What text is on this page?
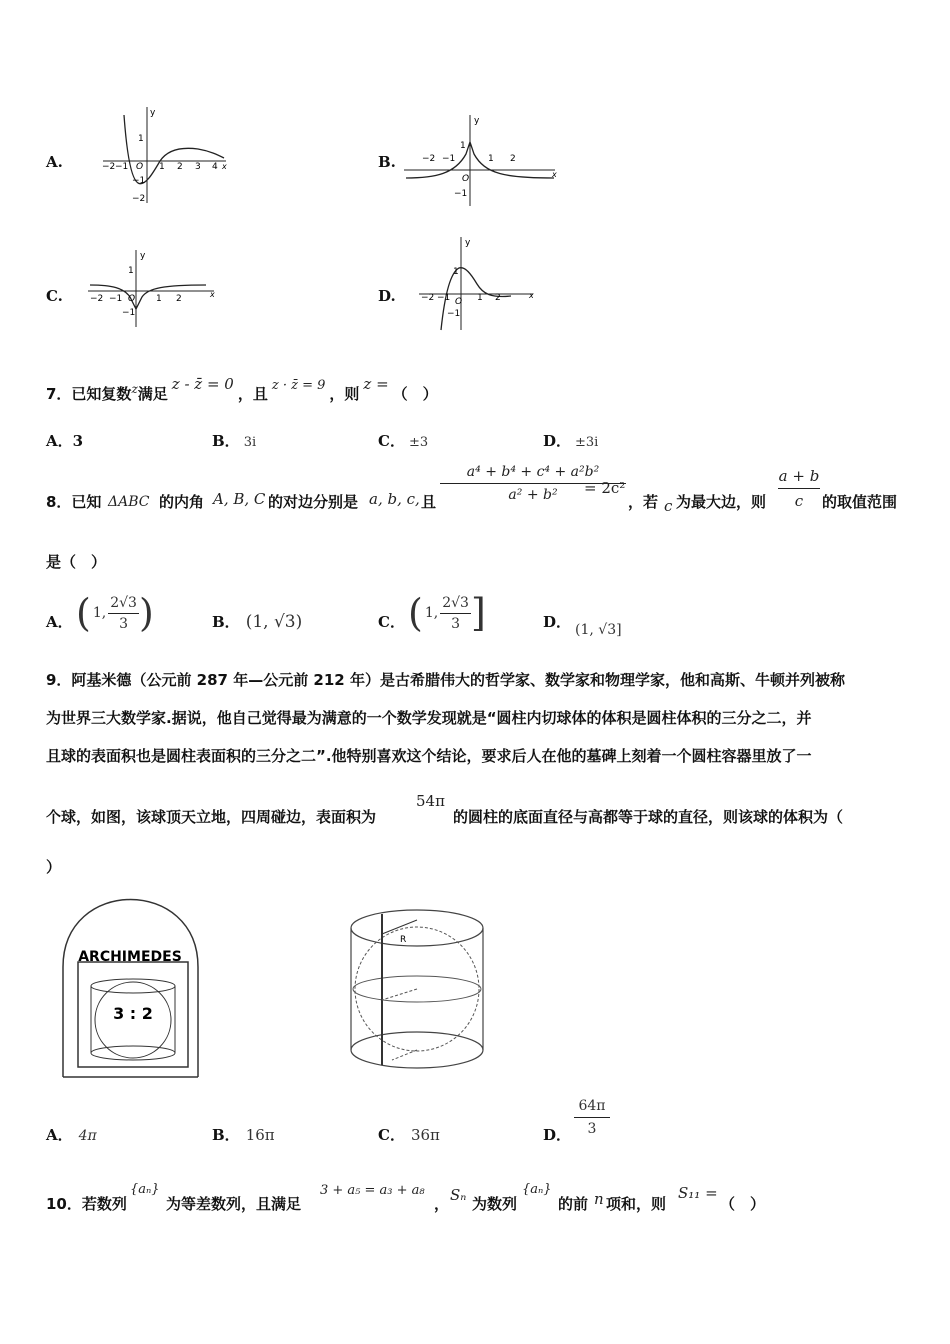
A.
y
1
−1
−2
−2 −1 O 1 2 3 4 x	B.
y
1
−1
−2 −1
O
1 2
x
C.
y
1
−1
−2 −1 O 1 2	x	D.
y
1
−1
−2 −1 O 1 2	x
7．已知复数$^z$满足z - z̄ = 0，且 z · z̄ = 9 ，则z =（　）
A．3	B． 3i	C． ±3	D． ±3i
8．已知 ΔABC 的内角 A, B, C 的对边分别是 a, b, c, 且 $\frac{\text{a⁴ + b⁴ + c⁴ + a²b²}}{\text{a² + b²}}$
= 2c²
，若 c 为最大边，则 $\frac{a + b}{c}$ 的取值范围
是（　）
A． ( 1, $\frac{2√3}{3}$ )	B． (1, √3)	C． ( 1, $\frac{2√3}{3}$ ]	D． (1, √3]
9．阿基米德（公元前 287 年—公元前 212 年）是古希腊伟大的哲学家、数学家和物理学家，他和高斯、牛顿并列被称
为世界三大数学家.据说，他自己觉得最为满意的一个数学发现就是“圆柱内切球体的体积是圆柱体积的三分之二，并
且球的表面积也是圆柱表面积的三分之二”.他特别喜欢这个结论，要求后人在他的墓碑上刻着一个圆柱容器里放了一
个球，如图，该球顶天立地，四周碰边，表面积为
54π
的圆柱的底面直径与高都等于球的直径，则该球的体积为（
）
ARCHIMEDES
3 : 2
R
A． 4π	B． 16π	C． 36π	D．
64π
3
10．若数列
{aₙ}
为等差数列，且满足
3 + a₅ = a₃ + a₈
， Sₙ 为数列
{aₙ}
的前 n 项和，则
S₁₁ =
（　）
